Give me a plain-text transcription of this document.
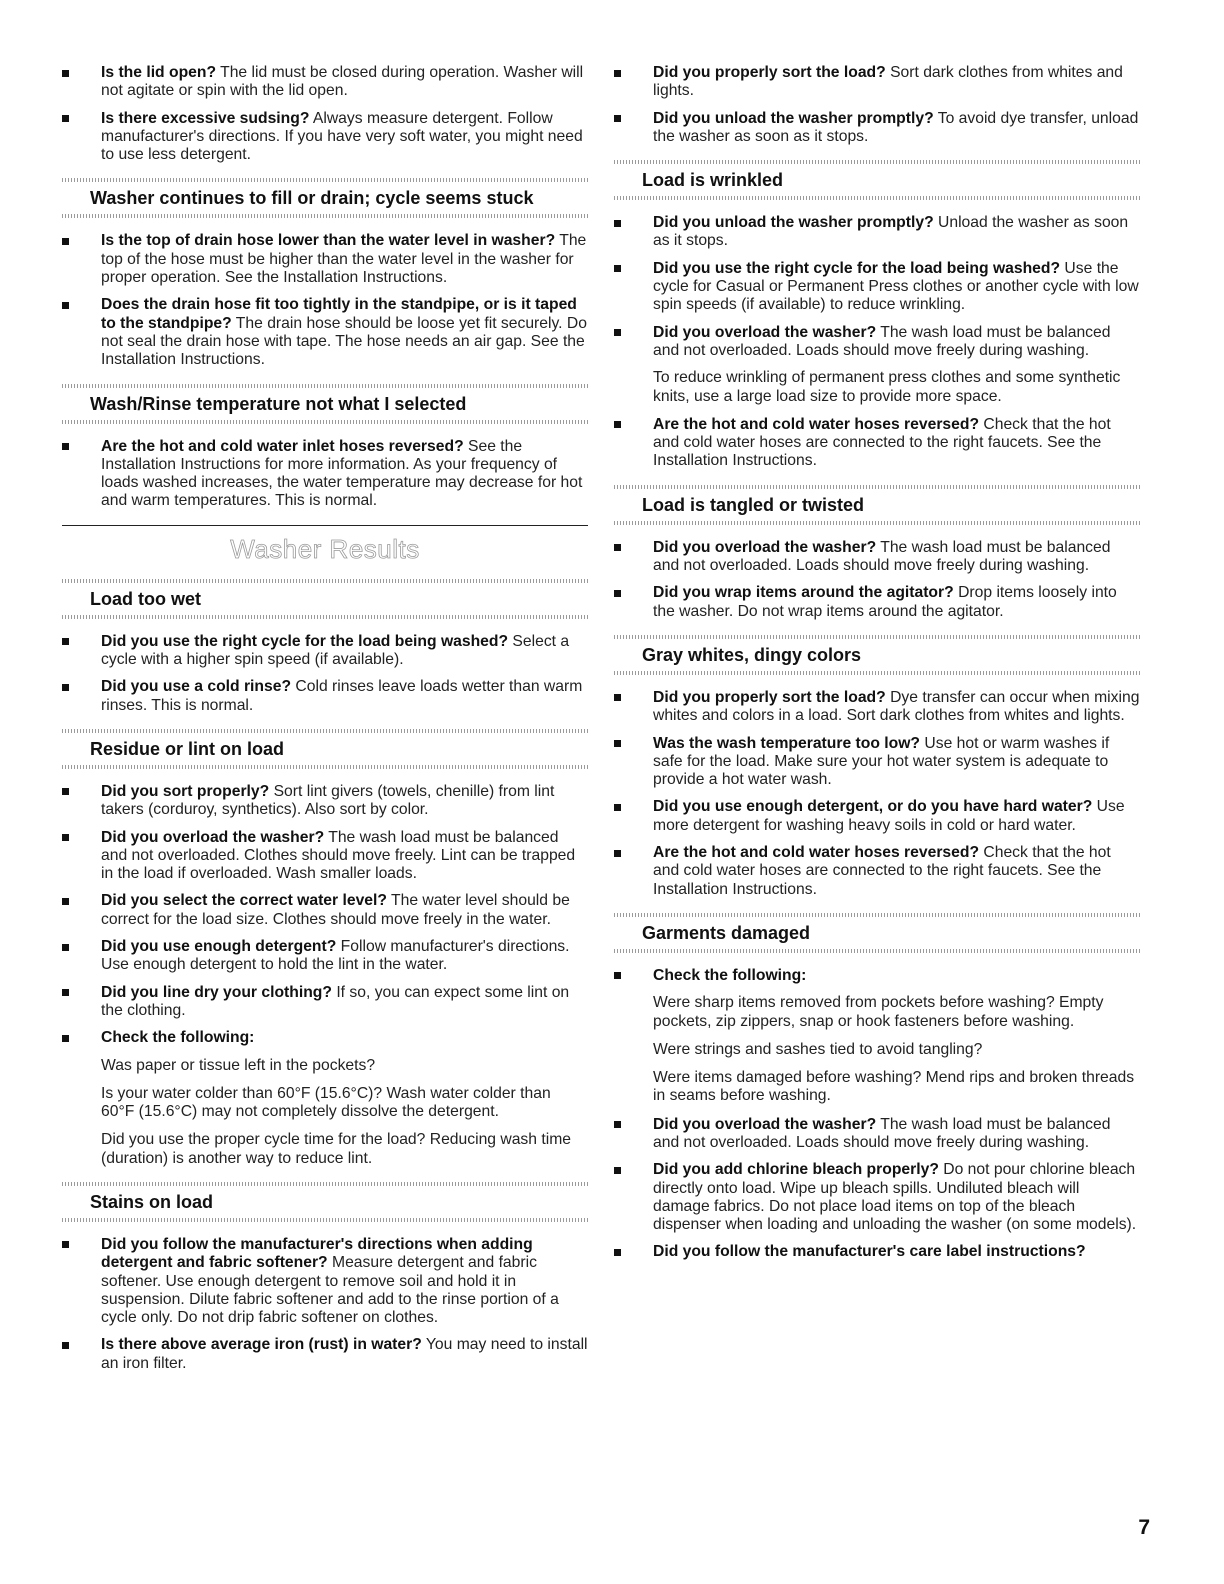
Is the lid open? The lid must be closed during operation. Washer will not agitate or spin with the lid open.
Is there excessive sudsing? Always measure detergent. Follow manufacturer's directions. If you have very soft water, you might need to use less detergent.
Washer continues to fill or drain; cycle seems stuck
Is the top of drain hose lower than the water level in washer? The top of the hose must be higher than the water level in the washer for proper operation. See the Installation Instructions.
Does the drain hose fit too tightly in the standpipe, or is it taped to the standpipe? The drain hose should be loose yet fit securely. Do not seal the drain hose with tape. The hose needs an air gap. See the Installation Instructions.
Wash/Rinse temperature not what I selected
Are the hot and cold water inlet hoses reversed? See the Installation Instructions for more information. As your frequency of loads washed increases, the water temperature may decrease for hot and warm temperatures. This is normal.
Washer Results
Load too wet
Did you use the right cycle for the load being washed? Select a cycle with a higher spin speed (if available).
Did you use a cold rinse? Cold rinses leave loads wetter than warm rinses. This is normal.
Residue or lint on load
Did you sort properly? Sort lint givers (towels, chenille) from lint takers (corduroy, synthetics). Also sort by color.
Did you overload the washer? The wash load must be balanced and not overloaded. Clothes should move freely. Lint can be trapped in the load if overloaded. Wash smaller loads.
Did you select the correct water level? The water level should be correct for the load size. Clothes should move freely in the water.
Did you use enough detergent? Follow manufacturer's directions. Use enough detergent to hold the lint in the water.
Did you line dry your clothing? If so, you can expect some lint on the clothing.
Check the following:
Was paper or tissue left in the pockets?
Is your water colder than 60°F (15.6°C)? Wash water colder than 60°F (15.6°C) may not completely dissolve the detergent.
Did you use the proper cycle time for the load? Reducing wash time (duration) is another way to reduce lint.
Stains on load
Did you follow the manufacturer's directions when adding detergent and fabric softener? Measure detergent and fabric softener. Use enough detergent to remove soil and hold it in suspension. Dilute fabric softener and add to the rinse portion of a cycle only. Do not drip fabric softener on clothes.
Is there above average iron (rust) in water? You may need to install an iron filter.
Did you properly sort the load? Sort dark clothes from whites and lights.
Did you unload the washer promptly? To avoid dye transfer, unload the washer as soon as it stops.
Load is wrinkled
Did you unload the washer promptly? Unload the washer as soon as it stops.
Did you use the right cycle for the load being washed? Use the cycle for Casual or Permanent Press clothes or another cycle with low spin speeds (if available) to reduce wrinkling.
Did you overload the washer? The wash load must be balanced and not overloaded. Loads should move freely during washing.
To reduce wrinkling of permanent press clothes and some synthetic knits, use a large load size to provide more space.
Are the hot and cold water hoses reversed? Check that the hot and cold water hoses are connected to the right faucets. See the Installation Instructions.
Load is tangled or twisted
Did you overload the washer? The wash load must be balanced and not overloaded. Loads should move freely during washing.
Did you wrap items around the agitator? Drop items loosely into the washer. Do not wrap items around the agitator.
Gray whites, dingy colors
Did you properly sort the load? Dye transfer can occur when mixing whites and colors in a load. Sort dark clothes from whites and lights.
Was the wash temperature too low? Use hot or warm washes if safe for the load. Make sure your hot water system is adequate to provide a hot water wash.
Did you use enough detergent, or do you have hard water? Use more detergent for washing heavy soils in cold or hard water.
Are the hot and cold water hoses reversed? Check that the hot and cold water hoses are connected to the right faucets. See the Installation Instructions.
Garments damaged
Check the following:
Were sharp items removed from pockets before washing? Empty pockets, zip zippers, snap or hook fasteners before washing.
Were strings and sashes tied to avoid tangling?
Were items damaged before washing? Mend rips and broken threads in seams before washing.
Did you overload the washer? The wash load must be balanced and not overloaded. Loads should move freely during washing.
Did you add chlorine bleach properly? Do not pour chlorine bleach directly onto load. Wipe up bleach spills. Undiluted bleach will damage fabrics. Do not place load items on top of the bleach dispenser when loading and unloading the washer (on some models).
Did you follow the manufacturer's care label instructions?
7
